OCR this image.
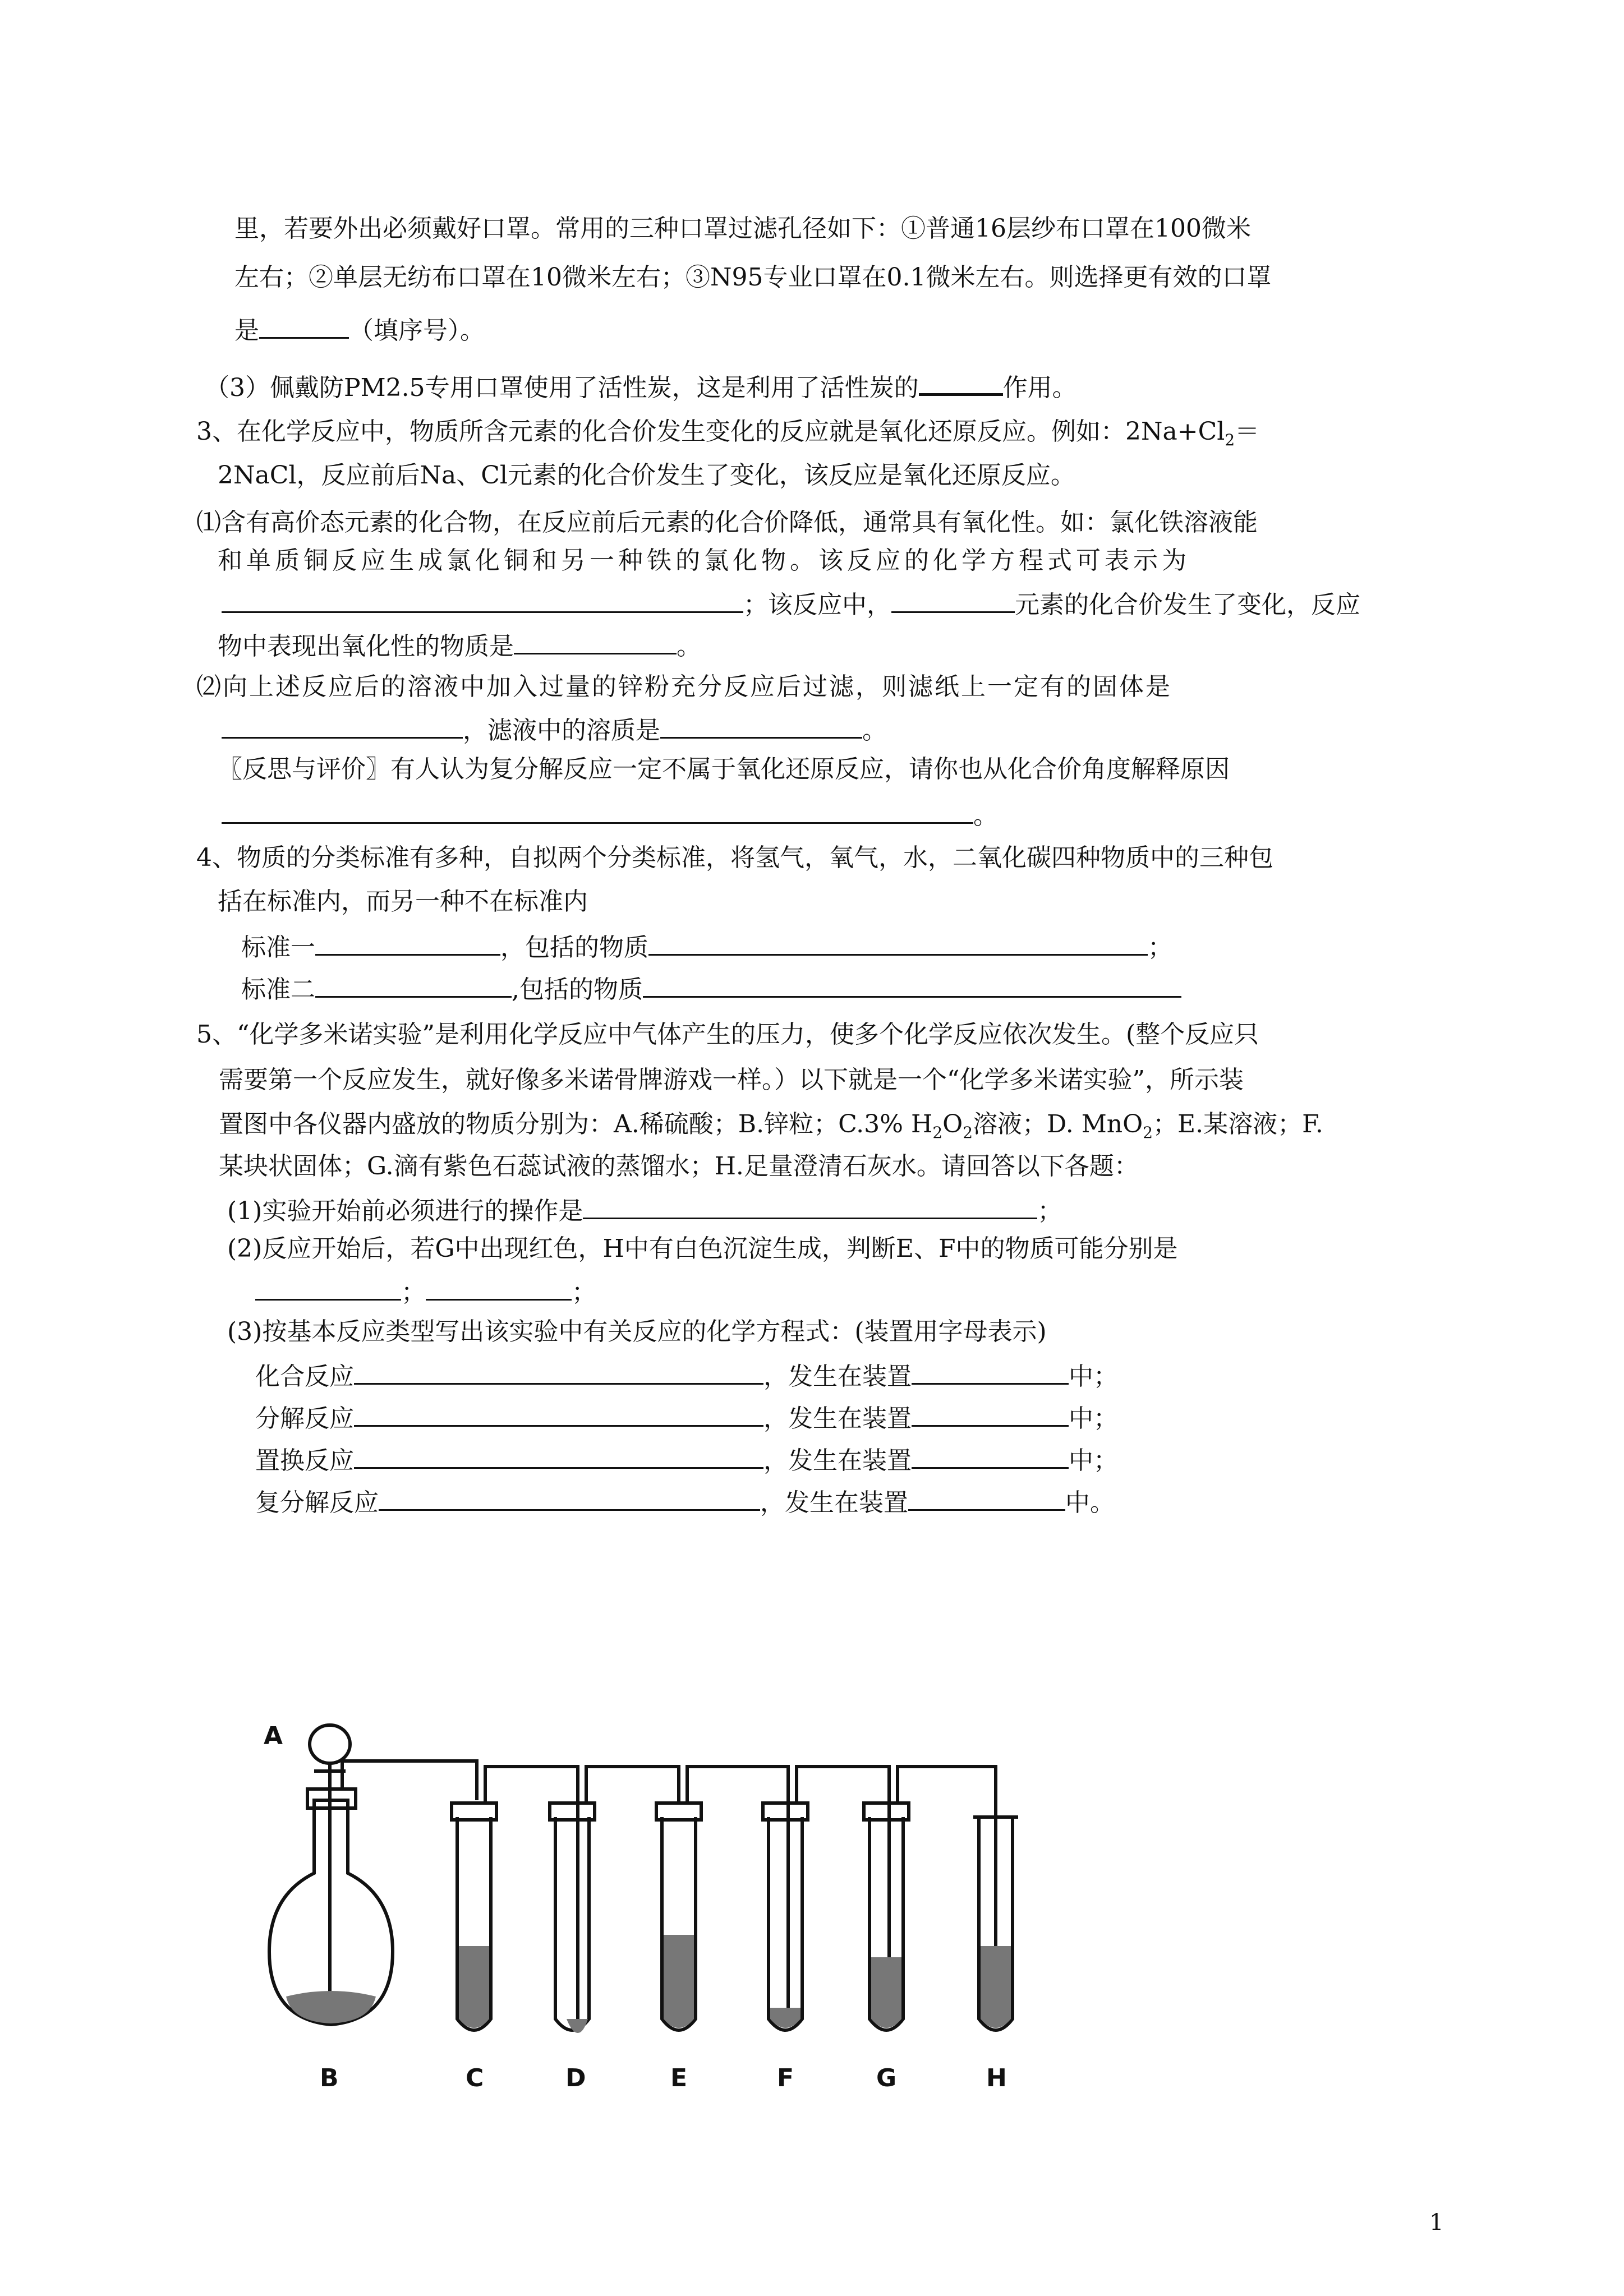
里，若要外出必须戴好口罩。常用的三种口罩过滤孔径如下：①普通16层纱布口罩在100微米
左右；②单层无纺布口罩在10微米左右；③N95专业口罩在0.1微米左右。则选择更有效的口罩
是	（填序号）。
（3）佩戴防PM2.5专用口罩使用了活性炭，这是利用了活性炭的	作用。
3、在化学反应中，物质所含元素的化合价发生变化的反应就是氧化还原反应。例如：$2Na+Cl_2=$
2NaCl，反应前后Na、Cl元素的化合价发生了变化，该反应是氧化还原反应。
⑴含有高价态元素的化合物，在反应前后元素的化合价降低，通常具有氧化性。如：氯化铁溶液能
和单质铜反应生成氯化铜和另一种铁的氯化物。该反应的化学方程式可表示为
；该反应中，	元素的化合价发生了变化，反应
物中表现出氧化性的物质是	。
⑵向上述反应后的溶液中加入过量的锌粉充分反应后过滤，则滤纸上一定有的固体是
，滤液中的溶质是	。
〖反思与评价〗有人认为复分解反应一定不属于氧化还原反应，请你也从化合价角度解释原因
。
4、物质的分类标准有多种，自拟两个分类标准，将氢气，氧气，水，二氧化碳四种物质中的三种包
括在标准内，而另一种不在标准内
标准一	，包括的物质	；
标准二	,包括的物质
5、“化学多米诺实验”是利用化学反应中气体产生的压力，使多个化学反应依次发生。(整个反应只
需要第一个反应发生，就好像多米诺骨牌游戏一样。）以下就是一个“化学多米诺实验”，所示装
置图中各仪器内盛放的物质分别为：A.稀硫酸；B.锌粒；C.3% $H_2O_2$溶液；D. MnO$_2$；E.某溶液；F.
某块状固体；G.滴有紫色石蕊试液的蒸馏水；H.足量澄清石灰水。请回答以下各题：
(1)实验开始前必须进行的操作是	；
(2)反应开始后，若G中出现红色，H中有白色沉淀生成，判断E、F中的物质可能分别是
；	；
(3)按基本反应类型写出该实验中有关反应的化学方程式：(装置用字母表示)
化合反应	，发生在装置	中；
分解反应	，发生在装置	中；
置换反应	，发生在装置	中；
复分解反应	，发生在装置	中。
A
B	C	D	E	F	G	H
1
